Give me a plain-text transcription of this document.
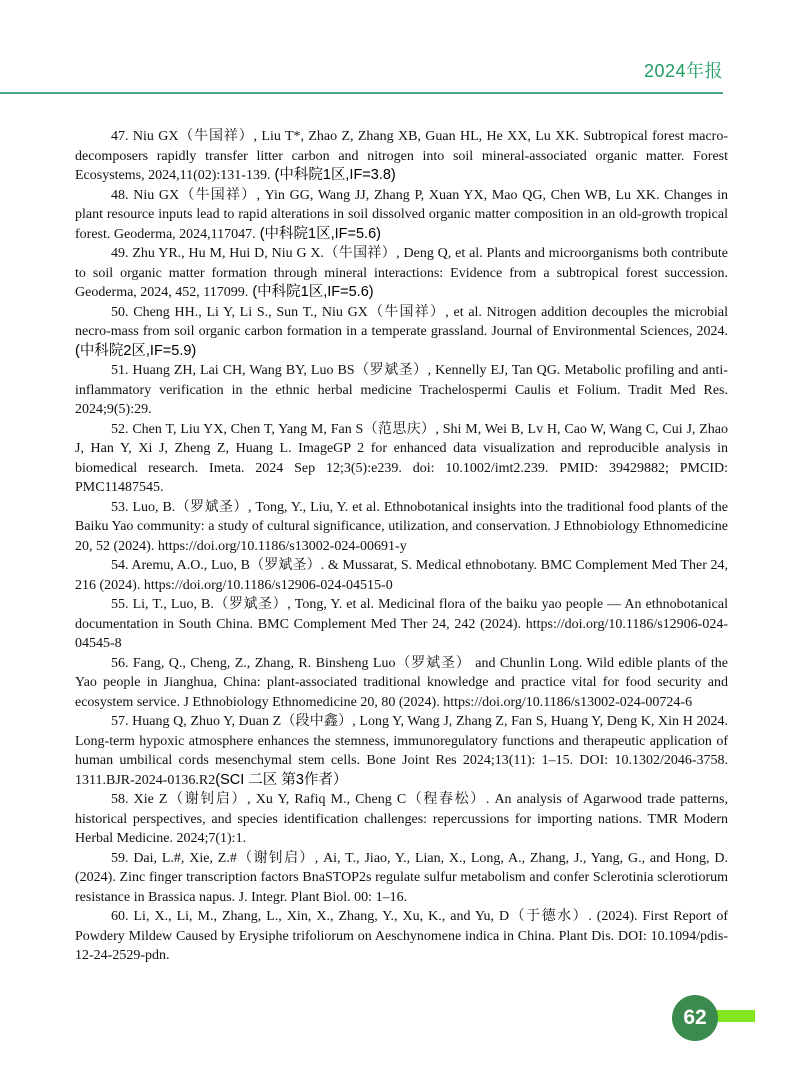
2024年报

47. Niu GX（牛国祥）, Liu T*, Zhao Z, Zhang XB, Guan HL, He XX, Lu XK. Subtropical forest macro-decomposers rapidly transfer litter carbon and nitrogen into soil mineral-associated organic matter. Forest Ecosystems, 2024,11(02):131-139. (中科院1区,IF=3.8)

48. Niu GX（牛国祥）, Yin GG, Wang JJ, Zhang P, Xuan YX, Mao QG, Chen WB, Lu XK. Changes in plant resource inputs lead to rapid alterations in soil dissolved organic matter composition in an old-growth tropical forest. Geoderma, 2024,117047. (中科院1区,IF=5.6)

49. Zhu YR., Hu M, Hui D, Niu G X.（牛国祥）, Deng Q, et al. Plants and microorganisms both contribute to soil organic matter formation through mineral interactions: Evidence from a subtropical forest succession. Geoderma, 2024, 452, 117099. (中科院1区,IF=5.6)

50. Cheng HH., Li Y, Li S., Sun T., Niu GX（牛国祥）, et al. Nitrogen addition decouples the microbial necro-mass from soil organic carbon formation in a temperate grassland. Journal of Environmental Sciences, 2024.(中科院2区,IF=5.9)

51. Huang ZH, Lai CH, Wang BY, Luo BS（罗斌圣）, Kennelly EJ, Tan QG. Metabolic profiling and anti-inflammatory verification in the ethnic herbal medicine Trachelospermi Caulis et Folium. Tradit Med Res. 2024;9(5):29.

52. Chen T, Liu YX, Chen T, Yang M, Fan S（范思庆）, Shi M, Wei B, Lv H, Cao W, Wang C, Cui J, Zhao J, Han Y, Xi J, Zheng Z, Huang L. ImageGP 2 for enhanced data visualization and reproducible analysis in biomedical research. Imeta. 2024 Sep 12;3(5):e239. doi: 10.1002/imt2.239. PMID: 39429882; PMCID: PMC11487545.

53. Luo, B.（罗斌圣）, Tong, Y., Liu, Y. et al. Ethnobotanical insights into the traditional food plants of the Baiku Yao community: a study of cultural significance, utilization, and conservation. J Ethnobiology Ethnomedicine 20, 52 (2024). https://doi.org/10.1186/s13002-024-00691-y

54. Aremu, A.O., Luo, B（罗斌圣）. & Mussarat, S. Medical ethnobotany. BMC Complement Med Ther 24, 216 (2024). https://doi.org/10.1186/s12906-024-04515-0

55. Li, T., Luo, B.（罗斌圣）, Tong, Y. et al. Medicinal flora of the baiku yao people — An ethnobotanical documentation in South China. BMC Complement Med Ther 24, 242 (2024). https://doi.org/10.1186/s12906-024-04545-8

56. Fang, Q., Cheng, Z., Zhang, R. Binsheng Luo（罗斌圣） and Chunlin Long. Wild edible plants of the Yao people in Jianghua, China: plant-associated traditional knowledge and practice vital for food security and ecosystem service. J Ethnobiology Ethnomedicine 20, 80 (2024). https://doi.org/10.1186/s13002-024-00724-6

57. Huang Q, Zhuo Y, Duan Z（段中鑫）, Long Y, Wang J, Zhang Z, Fan S, Huang Y, Deng K, Xin H 2024. Long-term hypoxic atmosphere enhances the stemness, immunoregulatory functions and therapeutic application of human umbilical cords mesenchymal stem cells. Bone Joint Res 2024;13(11): 1–15. DOI: 10.1302/2046-3758. 1311.BJR-2024-0136.R2(SCI 二区 第3作者）

58. Xie Z（谢钊启）, Xu Y, Rafiq M., Cheng C（程春松）. An analysis of Agarwood trade patterns, historical perspectives, and species identification challenges: repercussions for importing nations. TMR Modern Herbal Medicine. 2024;7(1):1.

59. Dai, L.#, Xie, Z.#（谢钊启）, Ai, T., Jiao, Y., Lian, X., Long, A., Zhang, J., Yang, G., and Hong, D. (2024). Zinc finger transcription factors BnaSTOP2s regulate sulfur metabolism and confer Sclerotinia sclerotiorum resistance in Brassica napus. J. Integr. Plant Biol. 00: 1–16.

60. Li, X., Li, M., Zhang, L., Xin, X., Zhang, Y., Xu, K., and Yu, D（于德水）. (2024). First Report of Powdery Mildew Caused by Erysiphe trifoliorum on Aeschynomene indica in China. Plant Dis. DOI: 10.1094/pdis-12-24-2529-pdn.

62
